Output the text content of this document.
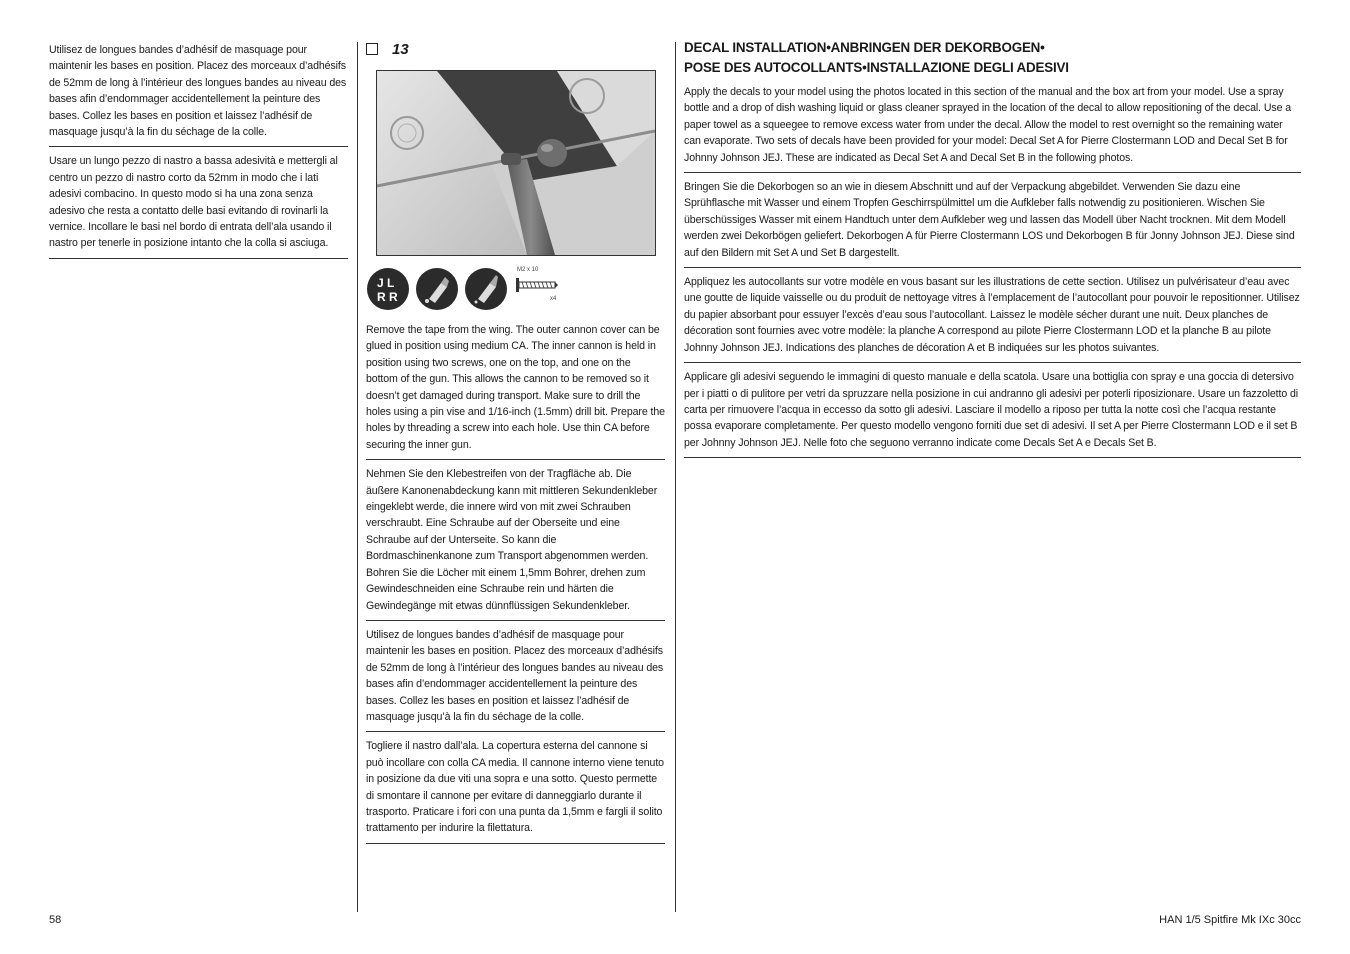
Utilisez de longues bandes d’adhésif de masquage pour maintenir les bases en position. Placez des morceaux d’adhésifs de 52mm de long à l’intérieur des longues bandes au niveau des bases afin d’endommager accidentellement la peinture des bases. Collez les bases en position et laissez l’adhésif de masquage jusqu’à la fin du séchage de la colle.

Usare un lungo pezzo di nastro a bassa adesività e mettergli al centro un pezzo di nastro corto da 52mm in modo che i lati adesivi combacino. In questo modo si ha una zona senza adesivo che resta a contatto delle basi evitando di rovinarli la vernice. Incollare le basi nel bordo di entrata dell’ala usando il nastro per tenerle in posizione intanto che la colla si asciuga.

13
J L
R R
M2 x 10
x4

Remove the tape from the wing. The outer cannon cover can be glued in position using medium CA. The inner cannon is held in position using two screws, one on the top, and one on the bottom of the gun. This allows the cannon to be removed so it doesn’t get damaged during transport. Make sure to drill the holes using a pin vise and 1/16-inch (1.5mm) drill bit. Prepare the holes by threading a screw into each hole. Use thin CA before securing the inner gun.

Nehmen Sie den Klebestreifen von der Tragfläche ab. Die äußere Kanonenabdeckung kann mit mittleren Sekundenkleber eingeklebt werde, die innere wird von mit zwei Schrauben verschraubt. Eine Schraube auf der Oberseite und eine Schraube auf der Unterseite. So kann die Bordmaschinenkanone zum Transport abgenommen werden. Bohren Sie die Löcher mit einem 1,5mm Bohrer, drehen zum Gewindeschneiden eine Schraube rein und härten die Gewindegänge mit etwas dünnflüssigen Sekundenkleber.

Utilisez de longues bandes d’adhésif de masquage pour maintenir les bases en position. Placez des morceaux d’adhésifs de 52mm de long à l’intérieur des longues bandes au niveau des bases afin d’endommager accidentellement la peinture des bases. Collez les bases en position et laissez l’adhésif de masquage jusqu’à la fin du séchage de la colle.

Togliere il nastro dall’ala. La copertura esterna del cannone si può incollare con colla CA media. Il cannone interno viene tenuto in posizione da due viti una sopra e una sotto. Questo permette di smontare il cannone per evitare di danneggiarlo durante il trasporto. Praticare i fori con una punta da 1,5mm e fargli il solito trattamento per indurire la filettatura.

DECAL INSTALLATION•ANBRINGEN DER DEKORBOGEN•
POSE DES AUTOCOLLANTS•INSTALLAZIONE DEGLI ADESIVI

Apply the decals to your model using the photos located in this section of the manual and the box art from your model. Use a spray bottle and a drop of dish washing liquid or glass cleaner sprayed in the location of the decal to allow repositioning of the decal. Use a paper towel as a squeegee to remove excess water from under the decal. Allow the model to rest overnight so the remaining water can evaporate. Two sets of decals have been provided for your model: Decal Set A for Pierre Clostermann LOD and Decal Set B for Johnny Johnson JEJ. These are indicated as Decal Set A and Decal Set B in the following photos.

Bringen Sie die Dekorbogen so an wie in diesem Abschnitt und auf der Verpackung abgebildet. Verwenden Sie dazu eine Sprühflasche mit Wasser und einem Tropfen Geschirrspülmittel um die Aufkleber falls notwendig zu positionieren. Wischen Sie überschüssiges Wasser mit einem Handtuch unter dem Aufkleber weg und lassen das Modell über Nacht trocknen. Mit dem Modell werden zwei Dekorbögen geliefert. Dekorbogen A für Pierre Clostermann LOS und Dekorbogen B für Jonny Johnson JEJ. Diese sind auf den Bildern mit Set A und Set B dargestellt.

Appliquez les autocollants sur votre modèle en vous basant sur les illustrations de cette section. Utilisez un pulvérisateur d’eau avec une goutte de liquide vaisselle ou du produit de nettoyage vitres à l’emplacement de l’autocollant pour pouvoir le repositionner. Utilisez du papier absorbant pour essuyer l’excès d’eau sous l’autocollant. Laissez le modèle sécher durant une nuit. Deux planches de décoration sont fournies avec votre modèle: la planche A correspond au pilote Pierre Clostermann LOD et la planche B au pilote Johnny Johnson JEJ. Indications des planches de décoration A et B indiquées sur les photos suivantes.

Applicare gli adesivi seguendo le immagini di questo manuale e della scatola. Usare una bottiglia con spray e una goccia di detersivo per i piatti o di pulitore per vetri da spruzzare nella posizione in cui andranno gli adesivi per poterli riposizionare. Usare un fazzoletto di carta per rimuovere l’acqua in eccesso da sotto gli adesivi. Lasciare il modello a riposo per tutta la notte così che l’acqua restante possa evaporare completamente. Per questo modello vengono forniti due set di adesivi. Il set A per Pierre Clostermann LOD e il set B per Johnny Johnson JEJ. Nelle foto che seguono verranno indicate come Decals Set A e Decals Set B.

58	HAN 1/5 Spitfire Mk IXc 30cc
